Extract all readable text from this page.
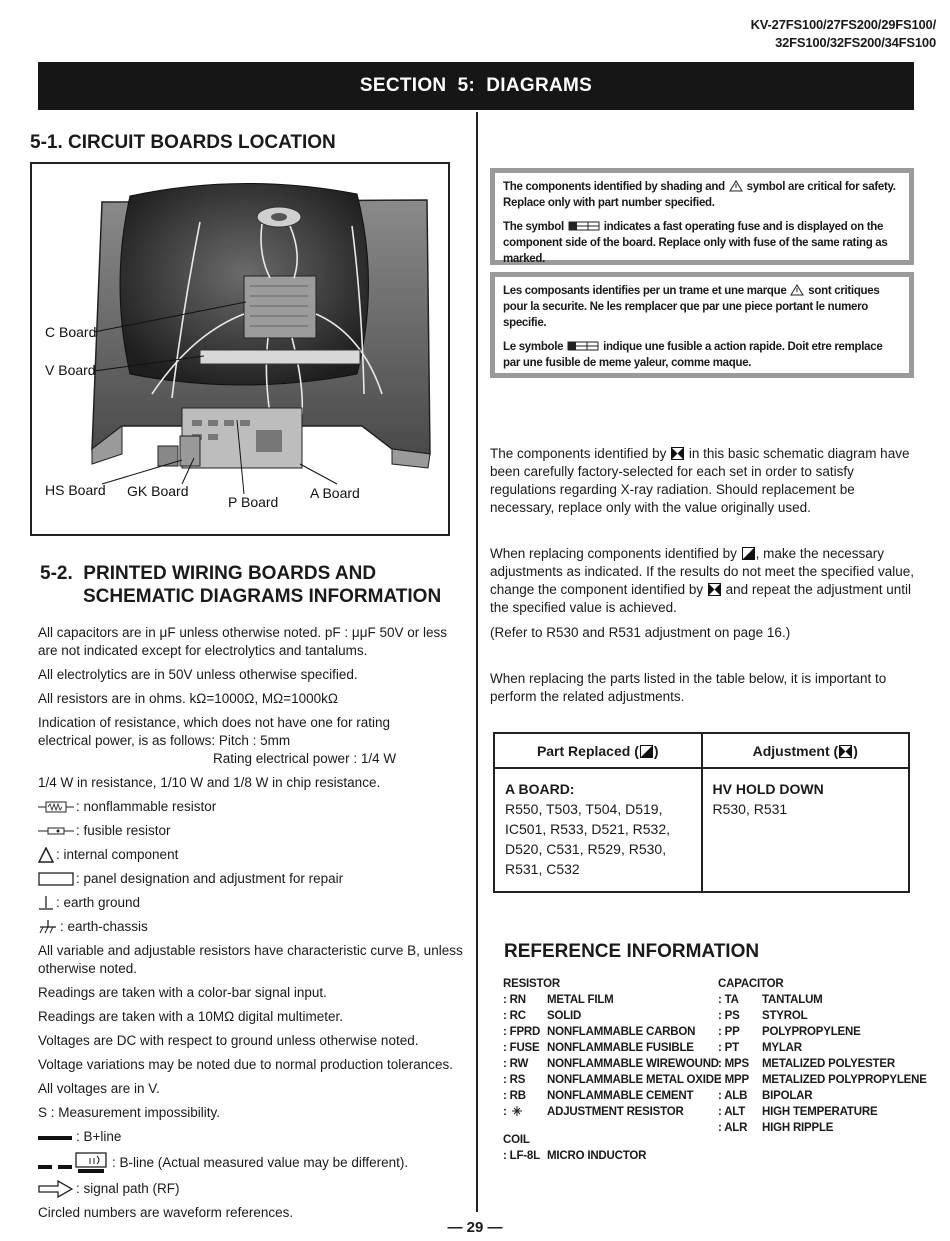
KV-27FS100/27FS200/29FS100/
32FS100/32FS200/34FS100
SECTION  5:  DIAGRAMS
5-1. CIRCUIT BOARDS LOCATION
C Board
V Board
HS Board GK Board
P Board
A Board
5-2.  PRINTED WIRING BOARDS AND
SCHEMATIC DIAGRAMS INFORMATION

All capacitors are in μF unless otherwise noted. pF : μμF 50V or less are not indicated except for electrolytics and tantalums.

All electrolytics are in 50V unless otherwise specified.

All resistors are in ohms. kΩ=1000Ω, MΩ=1000kΩ

Indication of resistance, which does not have one for rating
electrical power, is as follows: Pitch : 5mm
Rating electrical power : 1/4 W

1/4 W in resistance, 1/10 W and 1/8 W in chip resistance.

: nonflammable resistor
: fusible resistor
: internal component
: panel designation and adjustment for repair
: earth ground
: earth-chassis

All variable and adjustable resistors have characteristic curve B, unless otherwise noted.

Readings are taken with a color-bar signal input.

Readings are taken with a 10MΩ digital multimeter.

Voltages are DC with respect to ground unless otherwise noted.

Voltage variations may be noted due to normal production tolerances.

All voltages are in V.

S : Measurement impossibility.

: B+line
: B-line (Actual measured value may be different).
: signal path (RF)

Circled numbers are waveform references.

The components identified by shading and  symbol are critical for safety. Replace only with part number specified.

The symbol	indicates a fast operating fuse and is displayed on the component side of the board. Replace only with fuse of the same rating as marked.

Les composants identifies per un trame et une marque  sont critiques pour la securite. Ne les remplacer que par une piece portant le numero specifie.

Le symbole	indique une fusible a action rapide. Doit etre remplace par une fusible de meme yaleur, comme maque.

The components identified by  in this basic schematic diagram have been carefully factory-selected for each set in order to satisfy regulations regarding X-ray radiation. Should replacement be necessary, replace only with the value originally used.

When replacing components identified by , make the necessary adjustments as indicated. If the results do not meet the specified value, change the component identified by  and repeat the adjustment until the specified value is achieved.

(Refer to R530 and R531 adjustment on page 16.)

When replacing the parts listed in the table below, it is important to perform the related adjustments.

Part Replaced ( )	Adjustment ( )

A BOARD:
R550, T503, T504, D519, IC501, R533, D521, R532, D520, C531, R529, R530, R531, C532	HV HOLD DOWN
R530, R531
REFERENCE INFORMATION
RESISTOR
: RN	METAL FILM
: RC	SOLID
: FPRD NONFLAMMABLE CARBON
: FUSE NONFLAMMABLE FUSIBLE
: RW	NONFLAMMABLE WIREWOUND
: RS	NONFLAMMABLE METAL OXIDE
: RB	NONFLAMMABLE CEMENT
:	ADJUSTMENT RESISTOR
COIL
: LF-8L MICRO INDUCTOR
CAPACITOR
: TA	TANTALUM
: PS	STYROL
: PP	POLYPROPYLENE
: PT	MYLAR
: MPS	METALIZED POLYESTER
: MPP	METALIZED POLYPROPYLENE
: ALB	BIPOLAR
: ALT	HIGH TEMPERATURE
: ALR	HIGH RIPPLE
— 29 —
